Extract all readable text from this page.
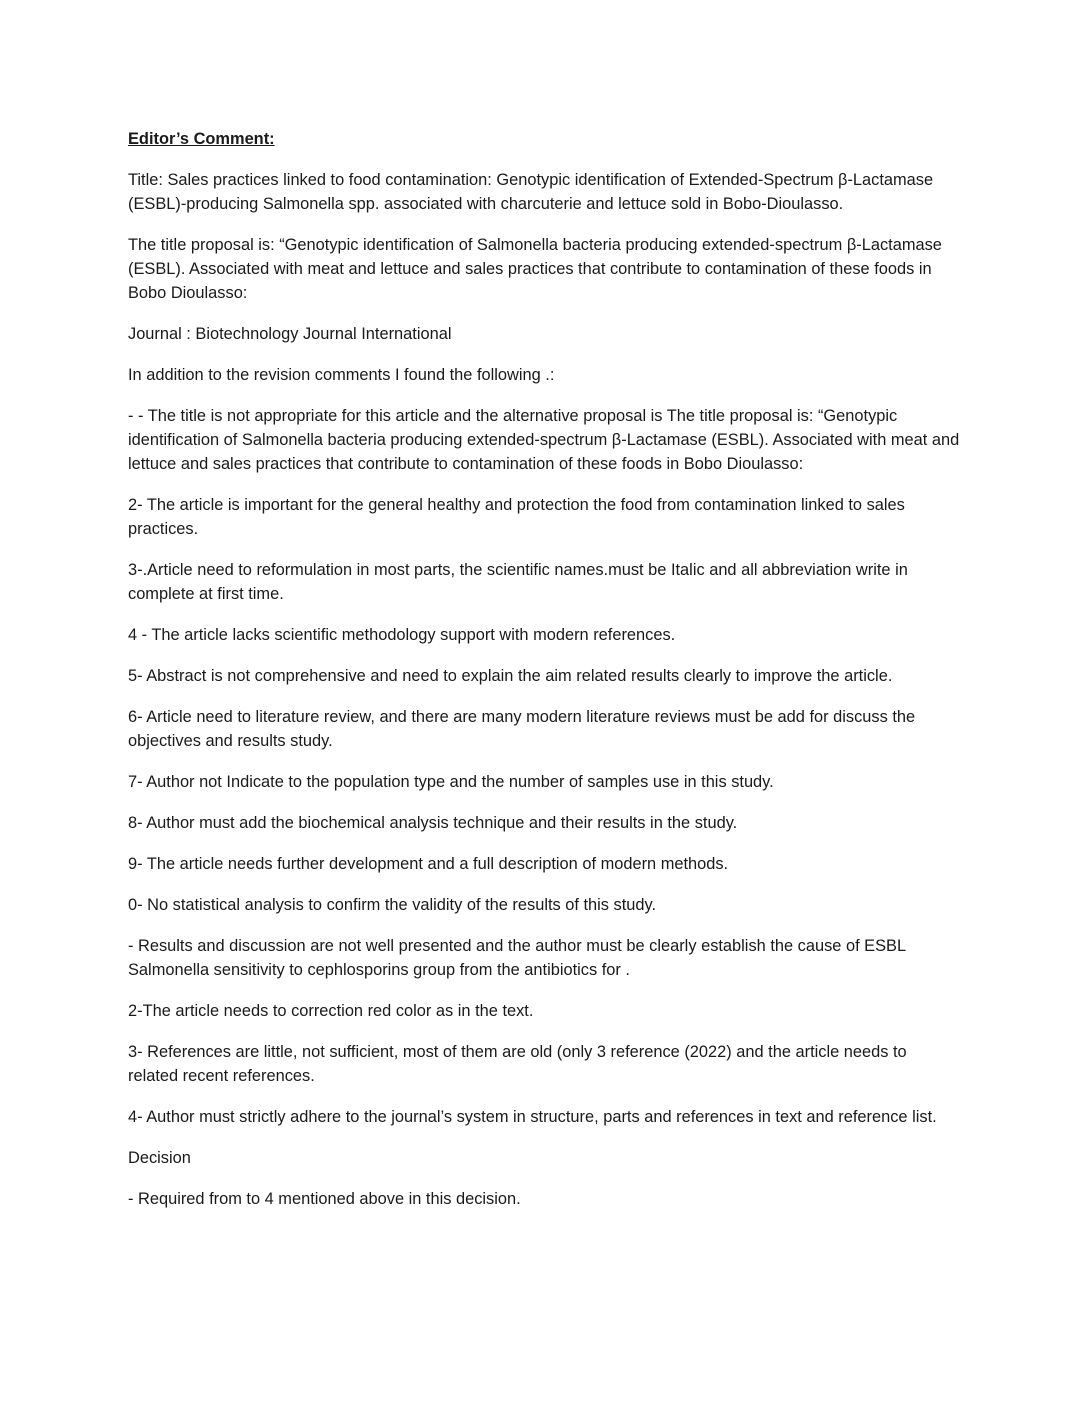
Editor’s Comment:

Title: Sales practices linked to food contamination: Genotypic identification of Extended-Spectrum β-Lactamase (ESBL)-producing Salmonella spp. associated with charcuterie and lettuce sold in Bobo-Dioulasso.

The title proposal is: “Genotypic identification of Salmonella bacteria producing extended-spectrum β-Lactamase (ESBL). Associated with meat and lettuce and sales practices that contribute to contamination of these foods in Bobo Dioulasso:

Journal : Biotechnology Journal International

In addition to the revision comments I found the following .:

- - The title is not appropriate for this article and the alternative proposal is The title proposal is: “Genotypic identification of Salmonella bacteria producing extended-spectrum β-Lactamase (ESBL). Associated with meat and lettuce and sales practices that contribute to contamination of these foods in Bobo Dioulasso:

2- The article is important for the general healthy and protection the food from contamination linked to sales practices.

3-.Article need to reformulation in most parts, the scientific names.must be Italic and all abbreviation write in complete at first time.

4 - The article lacks scientific methodology support with modern references.

5- Abstract is not comprehensive and need to explain the aim related results clearly to improve the article.

6- Article need to literature review, and there are many modern literature reviews must be add for discuss the objectives and results study.

7- Author not Indicate to the population type and the number of samples use in this study.

8- Author must add the biochemical analysis technique and their results in the study.

9- The article needs further development and a full description of modern methods.

0- No statistical analysis to confirm the validity of the results of this study.

- Results and discussion are not well presented and the author must be clearly establish the cause of ESBL Salmonella sensitivity to cephlosporins group from the antibiotics for .

2-The article needs to correction red color as in the text.

3- References are little, not sufficient, most of them are old (only 3 reference (2022) and the article needs to related recent references.

4- Author must strictly adhere to the journal’s system in structure, parts and references in text and reference list.

Decision

- Required from to 4 mentioned above in this decision.
